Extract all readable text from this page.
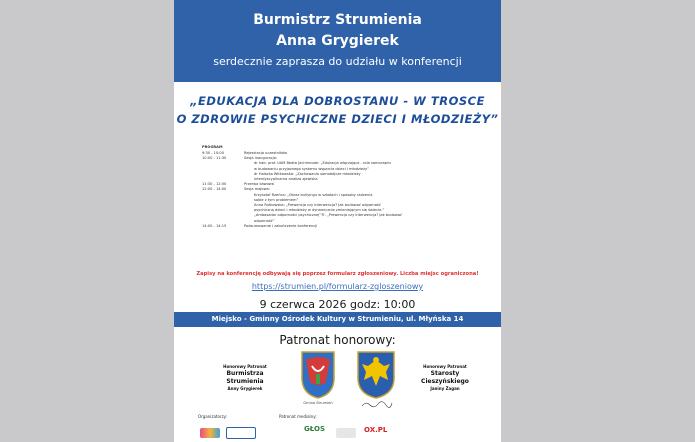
Burmistrz Strumienia
Anna Grygierek
serdecznie zaprasza do udziału w konferencji
„EDUKACJA DLA DOBROSTANU - W TROSCE
O ZDROWIE PSYCHICZNE DZIECI I MŁODZIEŻY”
PROGRAM
9:30 - 10:00	Rejestracja uczestników
10:00 - 11:30	Sesja inauguracja:
dr hab. prof. UAM Beata Jachimczak: „Edukacja włączająca - rola samorządu
w budowaniu przyjaznego systemu wsparcia dzieci i młodzieży”
dr Halszka Witkowska: „Zachowania samobójcze młodzieży
interdyscyplinarna analiza zjawiska
11:30 - 12:00	Przerwa kawowa
12:00 - 14:00	Sesja majowa:
Krzysztof Rzeńca: „Obraz bullyingu w szkołach i sposoby radzenia
sobie z tym problemem”
Anna Rutkowska: „Prewencja czy interwencja? Jak budować odporność
psychiczną dzieci i młodzieży w dynamicznie zmieniającym się świecie.”
„Ambasador odporności psychicznej”®. „Prewencja czy interwencja? Jak budować
odporność”
14:00 - 14:15	Podsumowanie i zakończenie konferencji
Zapisy na konferencję odbywają się poprzez formularz zgłoszeniowy. Liczba miejsc ograniczona!
https://strumien.pl/formularz-zgloszeniowy
9 czerwca 2026 godz: 10:00
Miejsko - Gminny Ośrodek Kultury w Strumieniu, ul. Młyńska 14
Patronat honorowy:
Honorowy Patronat
Burmistrza
Strumienia
Anny Grygierek
Gmina Strumień
Honorowy Patronat
Starosty
Cieszyńskiego
Janiny Żagan
Organizatorzy:	Patronat medialny:
GŁOS	OX.PL
